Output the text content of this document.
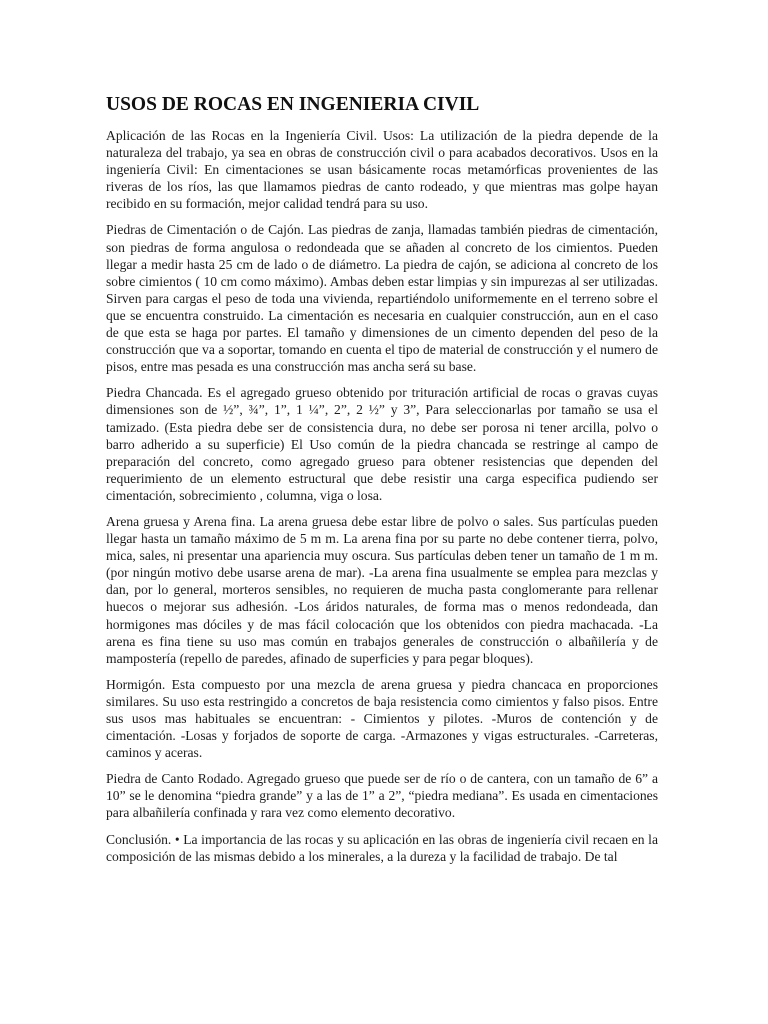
USOS DE ROCAS EN INGENIERIA CIVIL

Aplicación de las Rocas en la Ingeniería Civil. Usos: La utilización de la piedra depende de la naturaleza del trabajo, ya sea en obras de construcción civil o para acabados decorativos. Usos en la ingeniería Civil: En cimentaciones se usan básicamente rocas metamórficas provenientes de las riveras de los ríos, las que llamamos piedras de canto rodeado, y que mientras mas golpe hayan recibido en su formación, mejor calidad tendrá para su uso.

Piedras de Cimentación o de Cajón. Las piedras de zanja, llamadas también piedras de cimentación, son piedras de forma angulosa o redondeada que se añaden al concreto de los cimientos. Pueden llegar a medir hasta 25 cm de lado o de diámetro. La piedra de cajón, se adiciona al concreto de los sobre cimientos ( 10 cm como máximo). Ambas deben estar limpias y sin impurezas al ser utilizadas. Sirven para cargas el peso de toda una vivienda, repartiéndolo uniformemente en el terreno sobre el que se encuentra construido. La cimentación es necesaria en cualquier construcción, aun en el caso de que esta se haga por partes. El tamaño y dimensiones de un cimento dependen del peso de la construcción que va a soportar, tomando en cuenta el tipo de material de construcción y el numero de pisos, entre mas pesada es una construcción mas ancha será su base.

Piedra Chancada. Es el agregado grueso obtenido por trituración artificial de rocas o gravas cuyas dimensiones son de ½”, ¾”, 1”, 1 ¼”, 2”, 2 ½” y 3”, Para seleccionarlas por tamaño se usa el tamizado. (Esta piedra debe ser de consistencia dura, no debe ser porosa ni tener arcilla, polvo o barro adherido a su superficie) El Uso común de la piedra chancada se restringe al campo de preparación del concreto, como agregado grueso para obtener resistencias que dependen del requerimiento de un elemento estructural que debe resistir una carga especifica pudiendo ser cimentación, sobrecimiento , columna, viga o losa.

Arena gruesa y Arena fina. La arena gruesa debe estar libre de polvo o sales. Sus partículas pueden llegar hasta un tamaño máximo de 5 m m. La arena fina por su parte no debe contener tierra, polvo, mica, sales, ni presentar una apariencia muy oscura. Sus partículas deben tener un tamaño de 1 m m. (por ningún motivo debe usarse arena de mar). -La arena fina usualmente se emplea para mezclas y dan, por lo general, morteros sensibles, no requieren de mucha pasta conglomerante para rellenar huecos o mejorar sus adhesión. -Los áridos naturales, de forma mas o menos redondeada, dan hormigones mas dóciles y de mas fácil colocación que los obtenidos con piedra machacada. -La arena es fina tiene su uso mas común en trabajos generales de construcción o albañilería y de mampostería (repello de paredes, afinado de superficies y para pegar bloques).

Hormigón. Esta compuesto por una mezcla de arena gruesa y piedra chancaca en proporciones similares. Su uso esta restringido a concretos de baja resistencia como cimientos y falso pisos. Entre sus usos mas habituales se encuentran: - Cimientos y pilotes. -Muros de contención y de cimentación. -Losas y forjados de soporte de carga. -Armazones y vigas estructurales. -Carreteras, caminos y aceras.

Piedra de Canto Rodado. Agregado grueso que puede ser de río o de cantera, con un tamaño de 6” a 10” se le denomina “piedra grande” y a las de 1” a 2”, “piedra mediana”. Es usada en cimentaciones para albañilería confinada y rara vez como elemento decorativo.

Conclusión. • La importancia de las rocas y su aplicación en las obras de ingeniería civil recaen en la composición de las mismas debido a los minerales, a la dureza y la facilidad de trabajo. De tal
